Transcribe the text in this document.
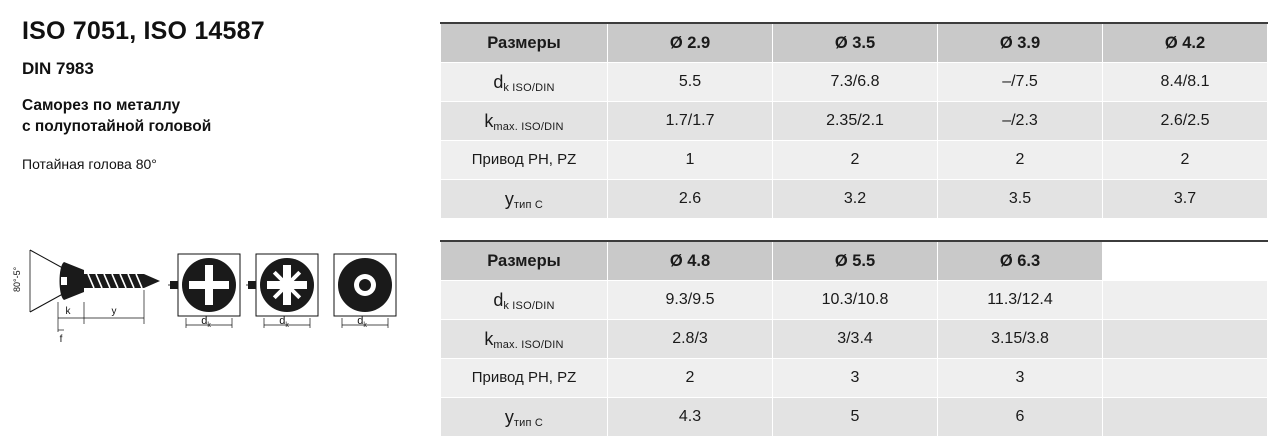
ISO 7051, ISO 14587
DIN 7983
Саморез по металлу
с полупотайной головой

Потайная голова 80°

80°-5°
k	y
f
$d_k$	$d_k$	$d_k$
Размеры	Ø 2.9	Ø 3.5	Ø 3.9	Ø 4.2
dk ISO/DIN	5.5	7.3/6.8	–/7.5	8.4/8.1
kmax. ISO/DIN	1.7/1.7	2.35/2.1	–/2.3	2.6/2.5
Привод PH, PZ	1	2	2	2
yтип C	2.6	3.2	3.5	3.7
Размеры	Ø 4.8	Ø 5.5	Ø 6.3	
dk ISO/DIN	9.3/9.5	10.3/10.8	11.3/12.4	
kmax. ISO/DIN	2.8/3	3/3.4	3.15/3.8	
Привод PH, PZ	2	3	3	
yтип C	4.3	5	6	
